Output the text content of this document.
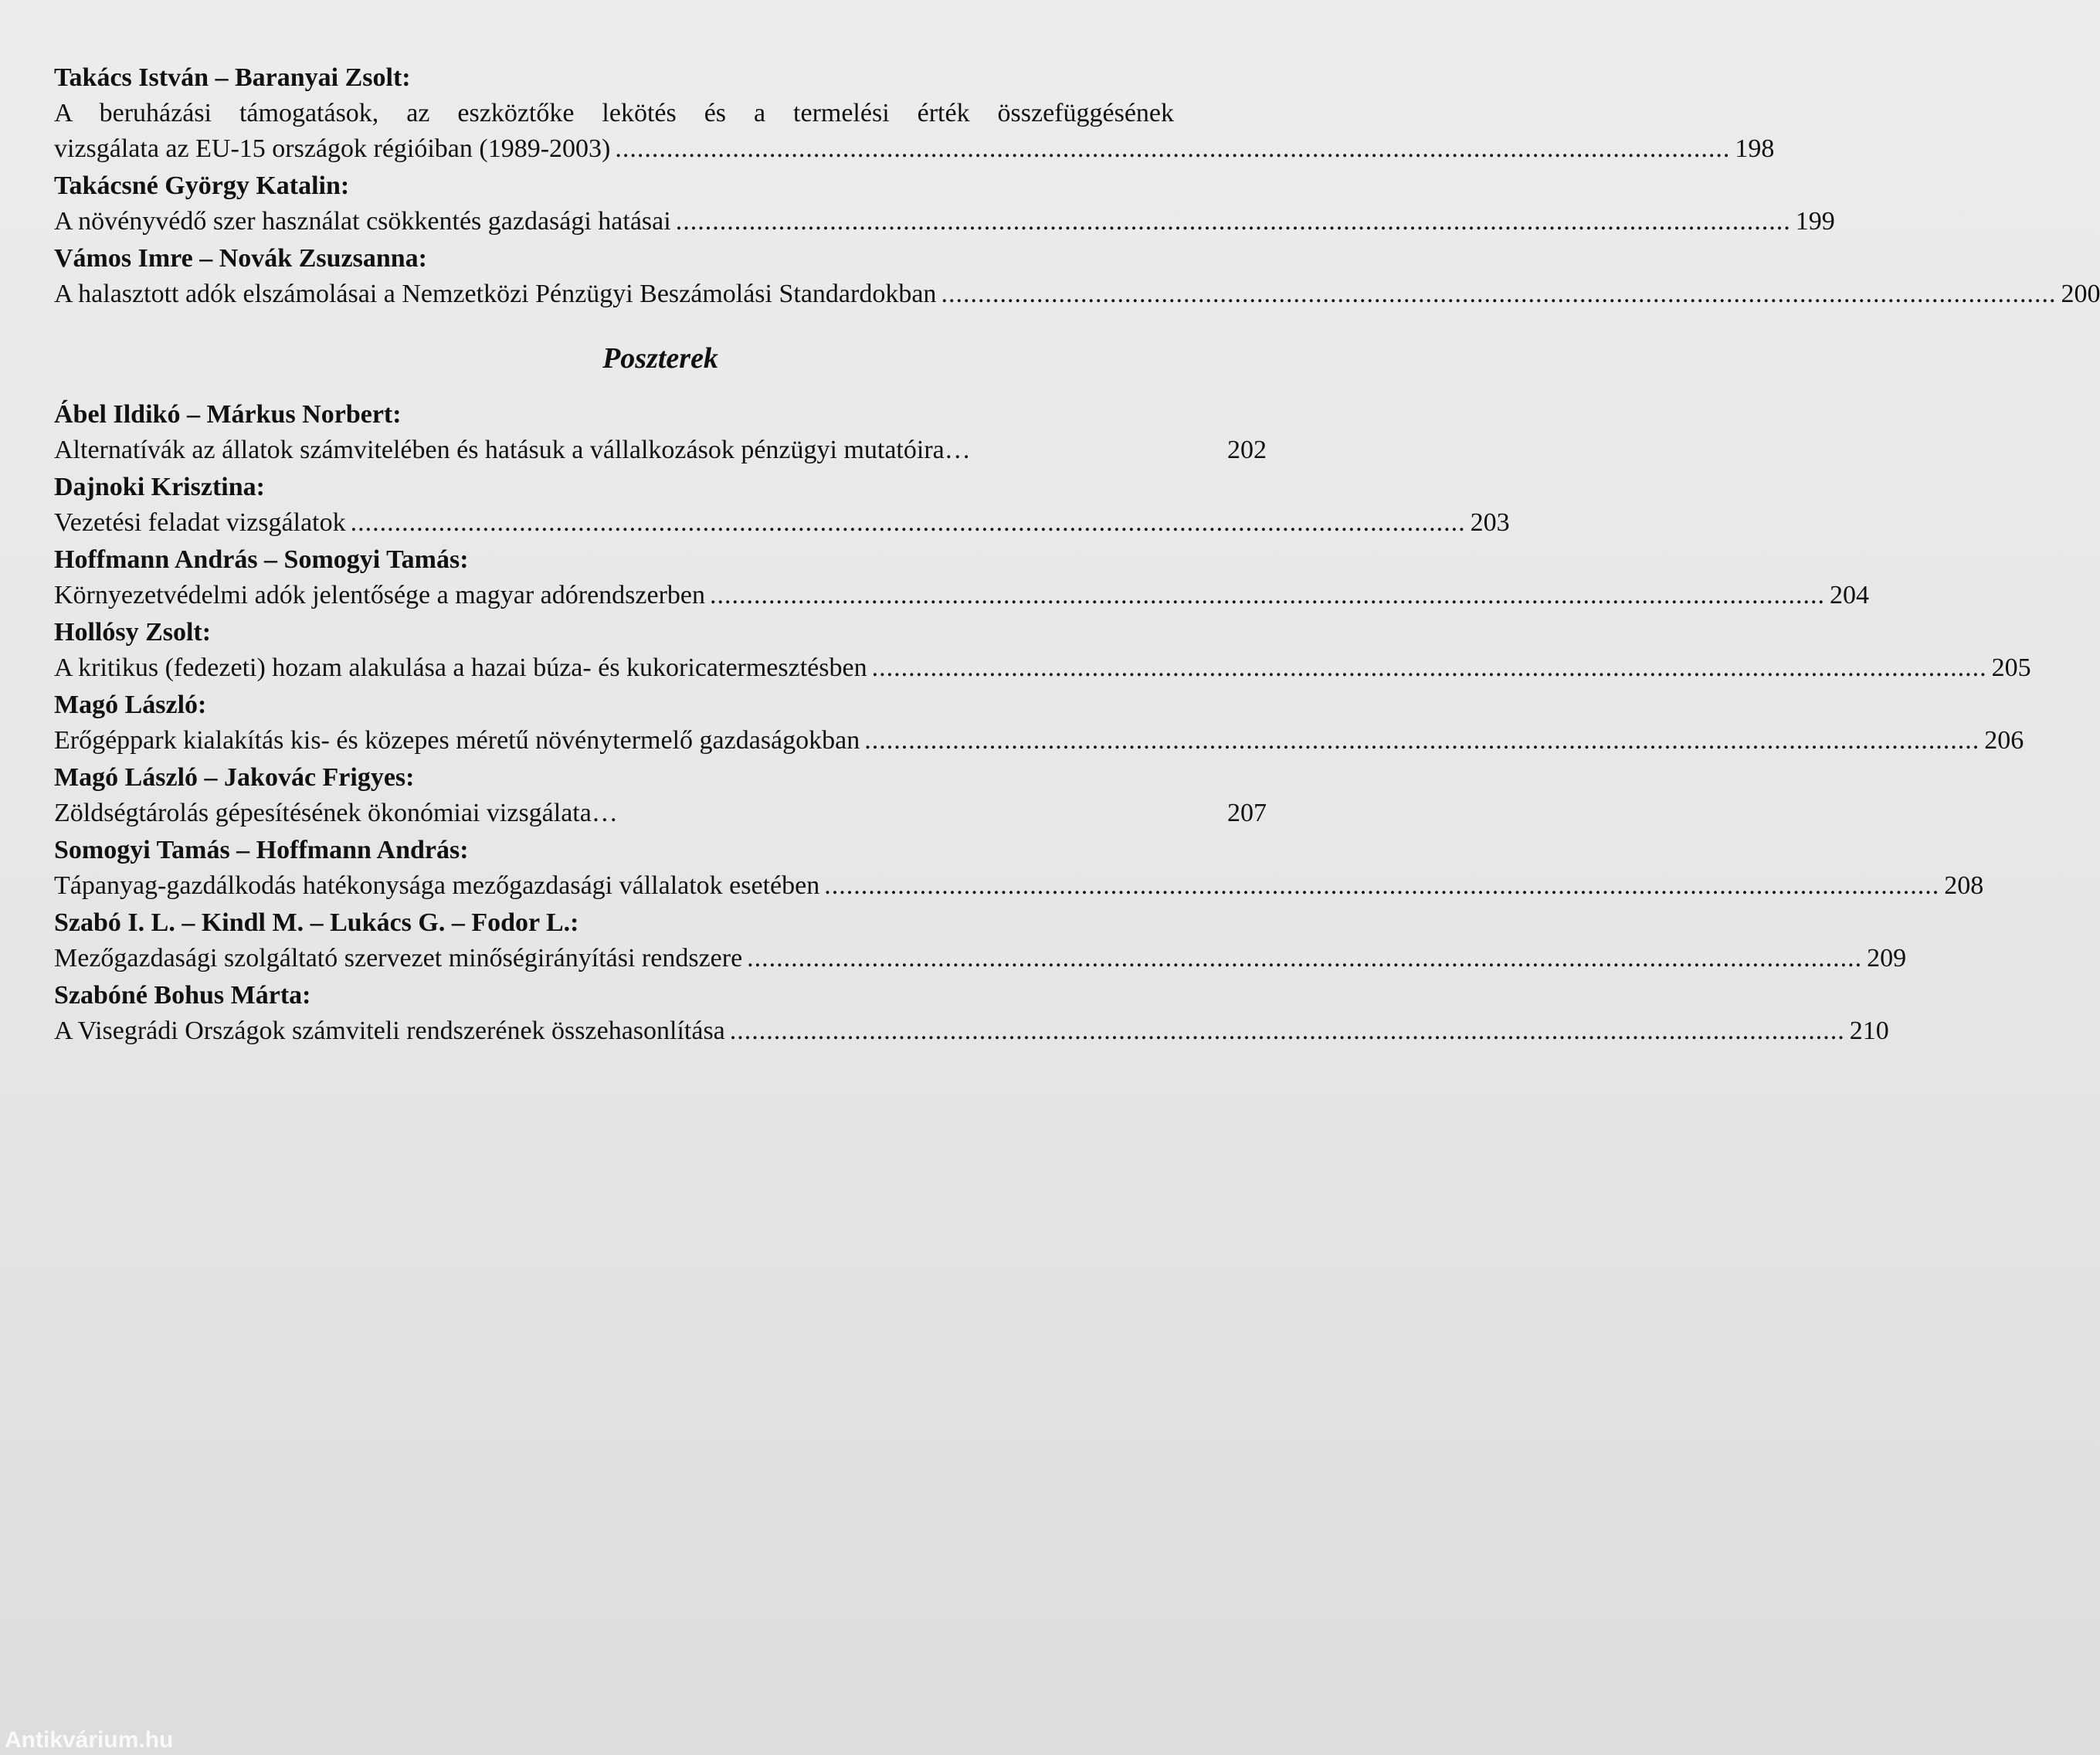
Takács István – Baranyai Zsolt:
A beruházási támogatások, az eszköztőke lekötés és a termelési érték összefüggésének
vizsgálata az EU-15 országok régióiban (1989-2003) ........................................................................................................................................................ 198
Takácsné György Katalin:
A növényvédő szer használat csökkentés gazdasági hatásai ........................................................................................................................................................ 199
Vámos Imre – Novák Zsuzsanna:
A halasztott adók elszámolásai a Nemzetközi Pénzügyi Beszámolási Standardokban ........................................................................................................................................................ 200
Poszterek
Ábel Ildikó – Márkus Norbert:
Alternatívák az állatok számvitelében és hatásuk a vállalkozások pénzügyi mutatóira…	202
Dajnoki Krisztina:
Vezetési feladat vizsgálatok ........................................................................................................................................................ 203
Hoffmann András – Somogyi Tamás:
Környezetvédelmi adók jelentősége a magyar adórendszerben ........................................................................................................................................................ 204
Hollósy Zsolt:
A kritikus (fedezeti) hozam alakulása a hazai búza- és kukoricatermesztésben ........................................................................................................................................................ 205
Magó László:
Erőgéppark kialakítás kis- és közepes méretű növénytermelő gazdaságokban ........................................................................................................................................................ 206
Magó László – Jakovác Frigyes:
Zöldségtárolás gépesítésének ökonómiai vizsgálata…	207
Somogyi Tamás – Hoffmann András:
Tápanyag-gazdálkodás hatékonysága mezőgazdasági vállalatok esetében ........................................................................................................................................................ 208
Szabó I. L. – Kindl M. – Lukács G. – Fodor L.:
Mezőgazdasági szolgáltató szervezet minőségirányítási rendszere ........................................................................................................................................................ 209
Szabóné Bohus Márta:
A Visegrádi Országok számviteli rendszerének összehasonlítása ........................................................................................................................................................ 210
Antikvárium.hu
